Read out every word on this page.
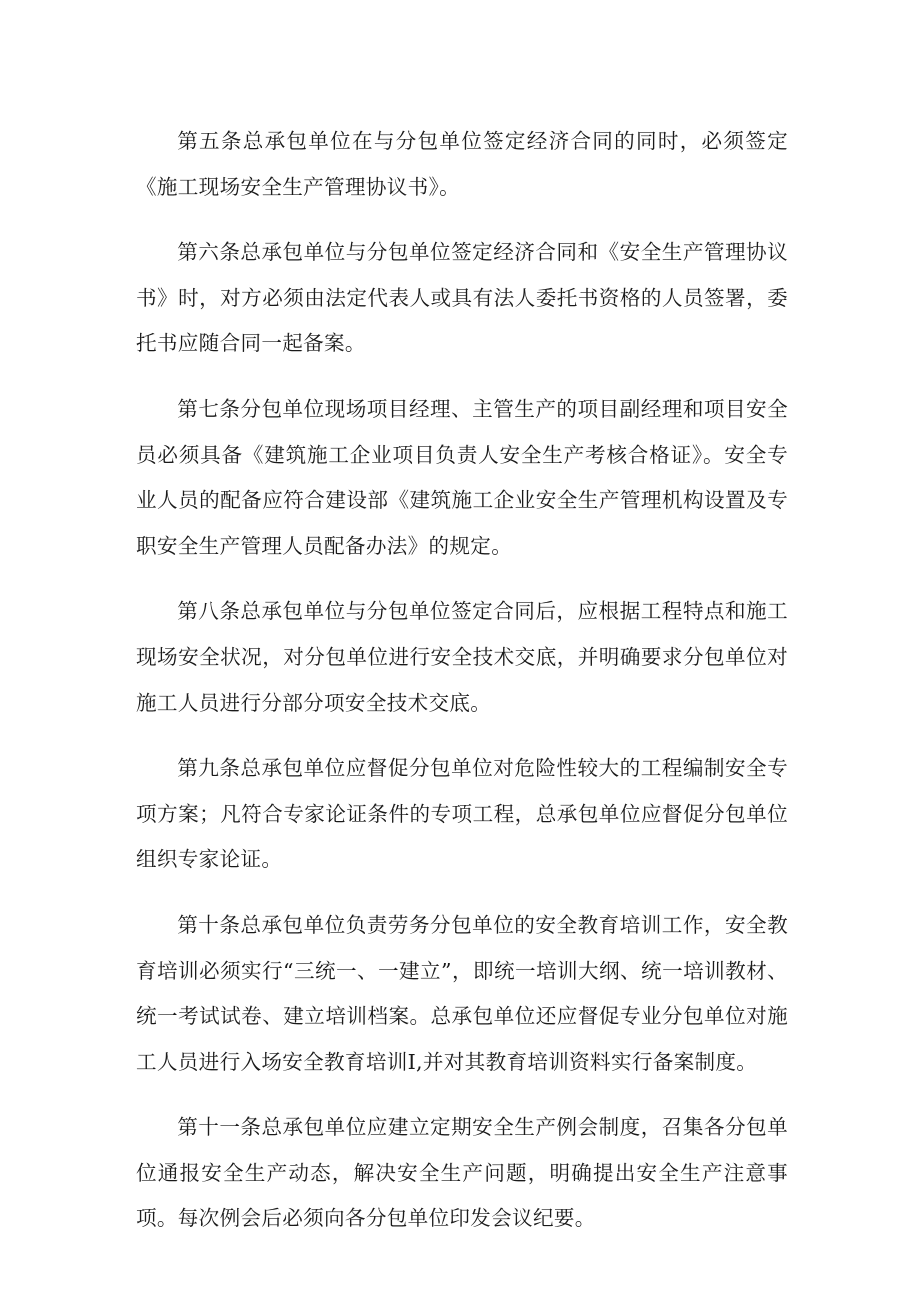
第五条总承包单位在与分包单位签定经济合同的同时，必须签定《施工现场安全生产管理协议书》。

第六条总承包单位与分包单位签定经济合同和《安全生产管理协议书》时，对方必须由法定代表人或具有法人委托书资格的人员签署，委托书应随合同一起备案。

第七条分包单位现场项目经理、主管生产的项目副经理和项目安全员必须具备《建筑施工企业项目负责人安全生产考核合格证》。安全专业人员的配备应符合建设部《建筑施工企业安全生产管理机构设置及专职安全生产管理人员配备办法》的规定。

第八条总承包单位与分包单位签定合同后，应根据工程特点和施工现场安全状况，对分包单位进行安全技术交底，并明确要求分包单位对施工人员进行分部分项安全技术交底。

第九条总承包单位应督促分包单位对危险性较大的工程编制安全专项方案；凡符合专家论证条件的专项工程，总承包单位应督促分包单位组织专家论证。

第十条总承包单位负责劳务分包单位的安全教育培训工作，安全教育培训必须实行“三统一、一建立”，即统一培训大纲、统一培训教材、统一考试试卷、建立培训档案。总承包单位还应督促专业分包单位对施工人员进行入场安全教育培训I,并对其教育培训资料实行备案制度。

第十一条总承包单位应建立定期安全生产例会制度，召集各分包单位通报安全生产动态，解决安全生产问题，明确提出安全生产注意事项。每次例会后必须向各分包单位印发会议纪要。
